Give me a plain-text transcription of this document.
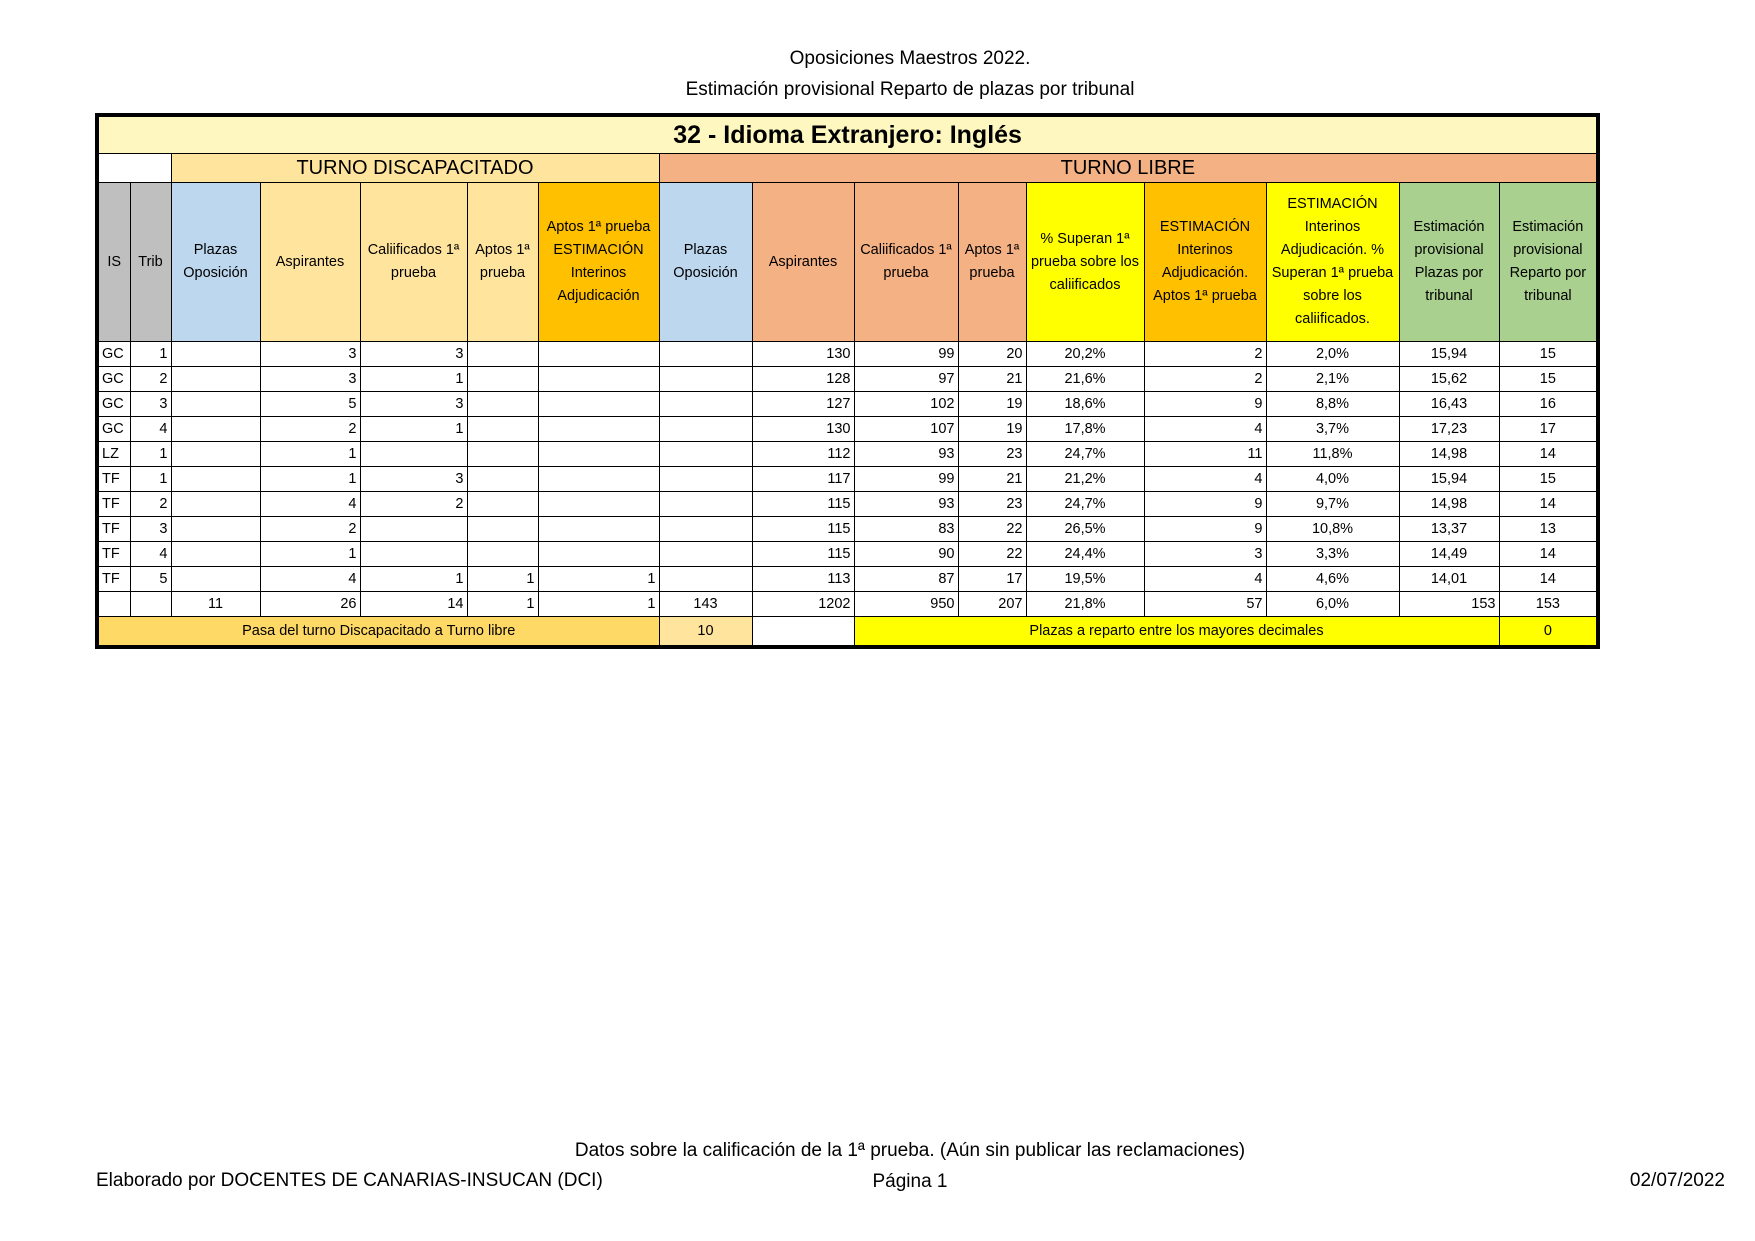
Oposiciones Maestros 2022.
Estimación provisional Reparto de plazas por tribunal
32 - Idioma Extranjero: Inglés															
		TURNO DISCAPACITADO					TURNO LIBRE								
IS	Trib	Plazas Oposición	Aspirantes	Caliificados 1ª prueba	Aptos 1ª prueba	Aptos 1ª prueba ESTIMACIÓN Interinos Adjudicación	Plazas Oposición	Aspirantes	Caliificados 1ª prueba	Aptos 1ª prueba	% Superan 1ª prueba sobre los caliificados	ESTIMACIÓN Interinos Adjudicación. Aptos 1ª prueba	ESTIMACIÓN Interinos Adjudicación. % Superan 1ª prueba sobre los caliificados.	Estimación provisional Plazas por tribunal	Estimación provisional Reparto por tribunal
GC	1		3	3				130	99	20	20,2%	2	2,0%	15,94	15
GC	2		3	1				128	97	21	21,6%	2	2,1%	15,62	15
GC	3		5	3				127	102	19	18,6%	9	8,8%	16,43	16
GC	4		2	1				130	107	19	17,8%	4	3,7%	17,23	17
LZ	1		1					112	93	23	24,7%	11	11,8%	14,98	14
TF	1		1	3				117	99	21	21,2%	4	4,0%	15,94	15
TF	2		4	2				115	93	23	24,7%	9	9,7%	14,98	14
TF	3		2					115	83	22	26,5%	9	10,8%	13,37	13
TF	4		1					115	90	22	24,4%	3	3,3%	14,49	14
TF	5		4	1	1	1		113	87	17	19,5%	4	4,6%	14,01	14
		11	26	14	1	1	143	1202	950	207	21,8%	57	6,0%	153	153
Pasa del turno Discapacitado a Turno libre							10		Plazas a reparto entre los mayores decimales						0
Datos sobre la calificación de la 1ª prueba. (Aún sin publicar las reclamaciones)
Elaborado por DOCENTES DE CANARIAS-INSUCAN (DCI)	Página 1	02/07/2022
